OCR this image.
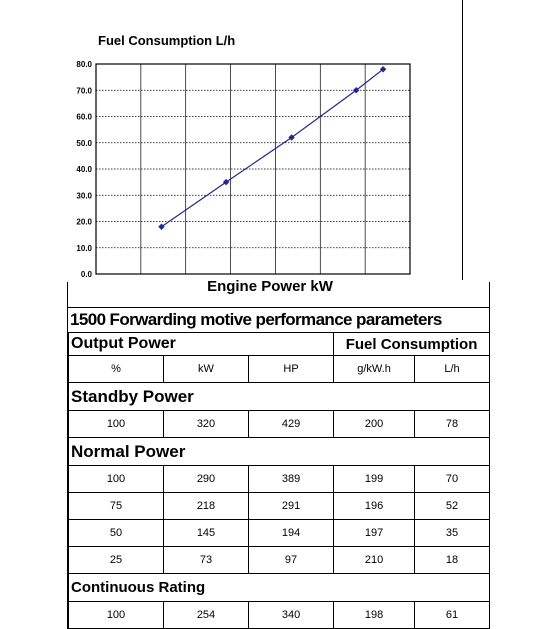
0.0
10.0
20.0
30.0
40.0
50.0
60.0
70.0
80.0
Fuel Consumption L/h
Engine Power kW
1500 Forwarding motive performance parameters
Output Power			Fuel Consumption	
%	kW	HP	g/kW.h	L/h
Standby Power				
100	320	429	200	78
Normal Power				
100	290	389	199	70
75	218	291	196	52
50	145	194	197	35
25	73	97	210	18
Continuous Rating				
100	254	340	198	61
